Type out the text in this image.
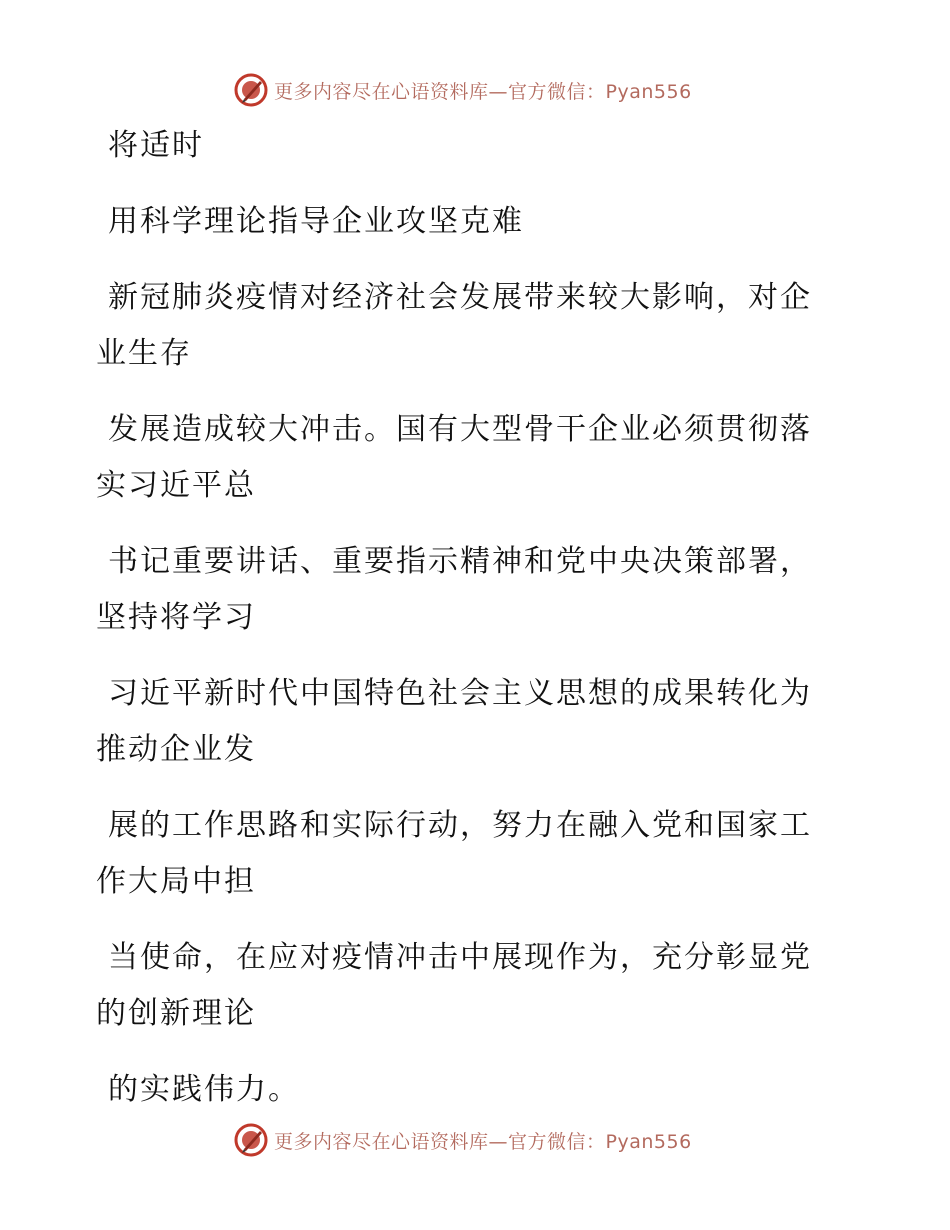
更多内容尽在心语资料库—官方微信：Pyan556

将适时

用科学理论指导企业攻坚克难

新冠肺炎疫情对经济社会发展带来较大影响，对企业生存

发展造成较大冲击。国有大型骨干企业必须贯彻落实习近平总

书记重要讲话、重要指示精神和党中央决策部署，坚持将学习

习近平新时代中国特色社会主义思想的成果转化为推动企业发

展的工作思路和实际行动，努力在融入党和国家工作大局中担

当使命，在应对疫情冲击中展现作为，充分彰显党的创新理论

的实践伟力。

更多内容尽在心语资料库—官方微信：Pyan556
